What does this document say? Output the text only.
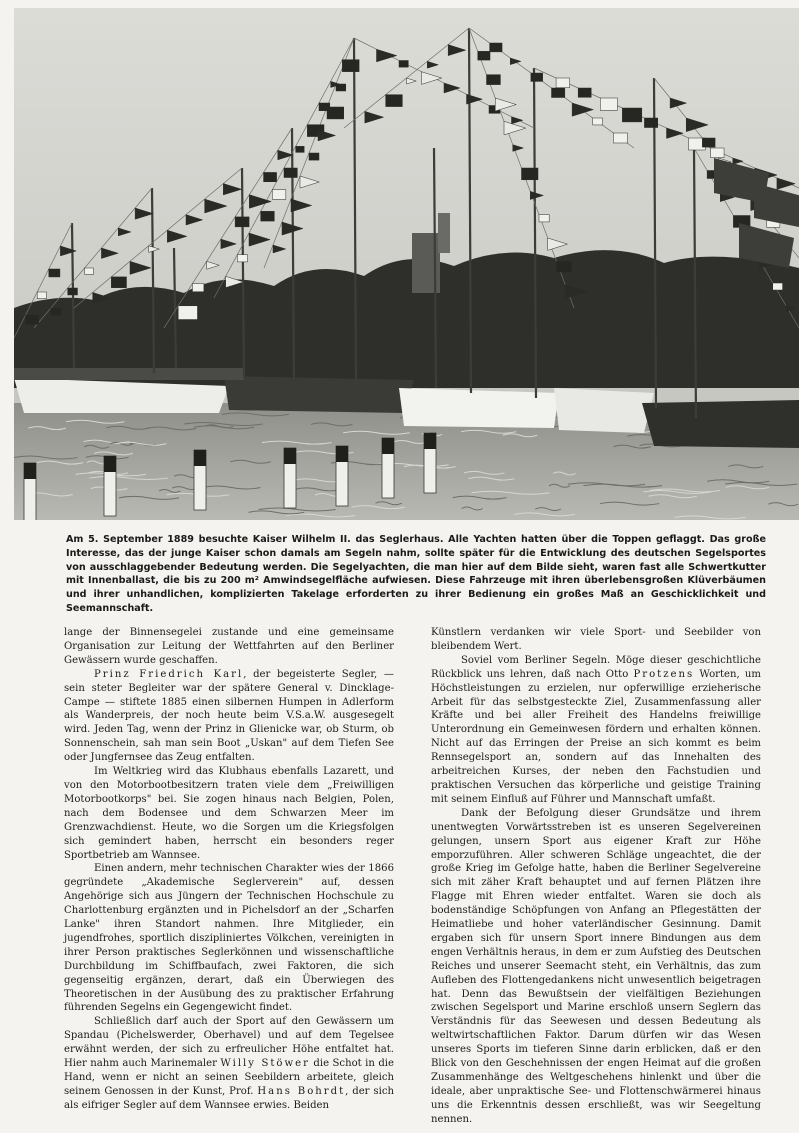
Am 5. September 1889 besuchte Kaiser Wilhelm II. das Seglerhaus. Alle Yachten hatten über die Toppen geflaggt. Das große Interesse, das der junge Kaiser schon damals am Segeln nahm, sollte später für die Entwicklung des deutschen Segelsportes von ausschlaggebender Bedeutung werden. Die Segelyachten, die man hier auf dem Bilde sieht, waren fast alle Schwertkutter mit Innenballast, die bis zu 200 m² Amwindsegelfläche aufwiesen. Diese Fahrzeuge mit ihren überlebensgroßen Klüverbäumen und ihrer unhandlichen, komplizierten Takelage erforderten zu ihrer Bedienung ein großes Maß an Geschicklichkeit und Seemannschaft.

lange der Binnensegelei zustande und eine gemeinsame Organisation zur Leitung der Wettfahrten auf den Berliner Gewässern wurde geschaffen.

Prinz Friedrich Karl, der begeisterte Segler, — sein steter Begleiter war der spätere General v. Dincklage-Campe — stiftete 1885 einen silbernen Humpen in Adlerform als Wanderpreis, der noch heute beim V.S.a.W. ausgesegelt wird. Jeden Tag, wenn der Prinz in Glienicke war, ob Sturm, ob Sonnenschein, sah man sein Boot „Uskan" auf dem Tiefen See oder Jungfernsee das Zeug entfalten.

Im Weltkrieg wird das Klubhaus ebenfalls Lazarett, und von den Motorbootbesitzern traten viele dem „Freiwilligen Motorbootkorps" bei. Sie zogen hinaus nach Belgien, Polen, nach dem Bodensee und dem Schwarzen Meer im Grenzwachdienst. Heute, wo die Sorgen um die Kriegsfolgen sich gemindert haben, herrscht ein besonders reger Sportbetrieb am Wannsee.

Einen andern, mehr technischen Charakter wies der 1866 gegründete „Akademische Seglerverein" auf, dessen Angehörige sich aus Jüngern der Technischen Hochschule zu Charlottenburg ergänzten und in Pichelsdorf an der „Scharfen Lanke" ihren Standort nahmen. Ihre Mitglieder, ein jugendfrohes, sportlich diszipliniertes Völkchen, vereinigten in ihrer Person praktisches Seglerkönnen und wissenschaftliche Durchbildung im Schiffbaufach, zwei Faktoren, die sich gegenseitig ergänzen, derart, daß ein Überwiegen des Theoretischen in der Ausübung des zu praktischer Erfahrung führenden Segelns ein Gegengewicht findet.

Schließlich darf auch der Sport auf den Gewässern um Spandau (Pichelswerder, Oberhavel) und auf dem Tegelsee erwähnt werden, der sich zu erfreulicher Höhe entfaltet hat. Hier nahm auch Marinemaler Willy Stöwer die Schot in die Hand, wenn er nicht an seinen Seebildern arbeitete, gleich seinem Genossen in der Kunst, Prof. Hans Bohrdt, der sich als eifriger Segler auf dem Wannsee erwies. Beiden

Künstlern verdanken wir viele Sport- und Seebilder von bleibendem Wert.

Soviel vom Berliner Segeln. Möge dieser geschichtliche Rückblick uns lehren, daß nach Otto Protzens Worten, um Höchstleistungen zu erzielen, nur opferwillige erzieherische Arbeit für das selbstgesteckte Ziel, Zusammenfassung aller Kräfte und bei aller Freiheit des Handelns freiwillige Unterordnung ein Gemeinwesen fördern und erhalten können. Nicht auf das Erringen der Preise an sich kommt es beim Rennsegelsport an, sondern auf das Innehalten des arbeitreichen Kurses, der neben den Fachstudien und praktischen Versuchen das körperliche und geistige Training mit seinem Einfluß auf Führer und Mannschaft umfaßt.

Dank der Befolgung dieser Grundsätze und ihrem unentwegten Vorwärtsstreben ist es unseren Segelvereinen gelungen, unsern Sport aus eigener Kraft zur Höhe emporzuführen. Aller schweren Schläge ungeachtet, die der große Krieg im Gefolge hatte, haben die Berliner Segelvereine sich mit zäher Kraft behauptet und auf fernen Plätzen ihre Flagge mit Ehren wieder entfaltet. Waren sie doch als bodenständige Schöpfungen von Anfang an Pflegestätten der Heimatliebe und hoher vaterländischer Gesinnung. Damit ergaben sich für unsern Sport innere Bindungen aus dem engen Verhältnis heraus, in dem er zum Aufstieg des Deutschen Reiches und unserer Seemacht steht, ein Verhältnis, das zum Aufleben des Flottengedankens nicht unwesentlich beigetragen hat. Denn das Bewußtsein der vielfältigen Beziehungen zwischen Segelsport und Marine erschloß unsern Seglern das Verständnis für das Seewesen und dessen Bedeutung als weltwirtschaftlichen Faktor. Darum dürfen wir das Wesen unseres Sports im tieferen Sinne darin erblicken, daß er den Blick von den Geschehnissen der engen Heimat auf die großen Zusammenhänge des Weltgeschehens hinlenkt und über die ideale, aber unpraktische See- und Flottenschwärmerei hinaus uns die Erkenntnis dessen erschließt, was wir Seegeltung nennen.
